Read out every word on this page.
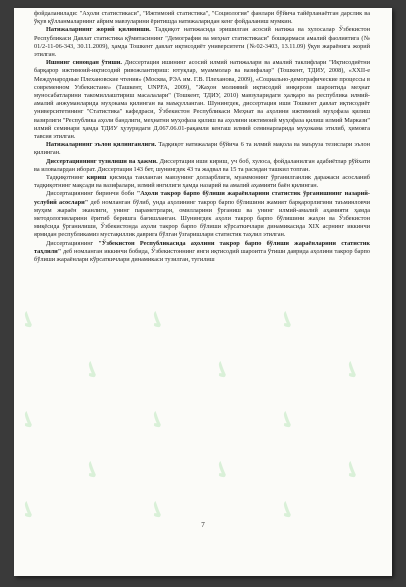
фойдаланилади: "Аҳоли статистикаси", "Ижтимоий статистика", "Социология" фанлари бўйича тайёрланаётган дарслик ва ўқув қўлланмаларнинг айрим мавзуларини ёритишда натижаларидан кенг фойдаланиш мумкин.

Натижаларнинг жорий қилиниши. Тадқиқот натижасида эришилган асосий натижа ва хулосалар Ўзбекистон Республикаси Давлат статистика қўмитасининг "Демография ва меҳнат статистикаси" бошқармаси амалий фаолиятига (№ 01/2-11-06-343, 30.11.2009), ҳамда Тошкент давлат иқтисодиёт университети (№02-3403, 13.11.09) ўқув жараёнига жорий этилган.

Ишнинг синовдан ўтиши. Диссертация ишининг асосий илмий натижалари ва амалий таклифлари "Иқтисодиётни барқарор ижтимоий-иқтисодий ривожлантириш: ютуқлар, муаммолар ва вазифалар" (Тошкент, ТДИУ, 2008), «XXII-е Международные Плехановские чтения» (Москва, РЭА им. Г.В. Плеханова, 2009), «Социально-демографические процессы в современном Узбекистане» (Ташкент, UNPFA, 2009), "Жаҳон молиявий иқтисодий инқирози шароитида меҳнат муносабатларини такомиллаштириш масалалари" (Тошкент, ТДИУ, 2010) мавзуларидаги ҳалқаро ва республика илмий-амалий анжуманларида муҳокама қилинган ва маъқулланган. Шунингдек, диссертация иши Тошкент давлат иқтисодиёт университетининг "Статистика" кафедраси, Ўзбекистон Республикаси Меҳнат ва аҳолини ижтимоий муҳофаза қилиш вазирлиги "Республика аҳоли бандлиги, меҳнатни муҳофаза қилиш ва аҳолини ижтимоий муҳофаза қилиш илмий Маркази" илмий семинари ҳамда ТДИУ ҳузуридаги Д.067.06.01-рақамли кенгаш илмий семинарларида муҳокама этилиб, ҳимояга тавсия этилган.

Натижаларнинг эълон қилинганлиги. Тадқиқот натижалари бўйича 6 та илмий мақола ва маъруза тезислари эълон қилинган.

Диссертациянинг тузилиши ва ҳажми. Диссертация иши кириш, уч боб, хулоса, фойдаланилган адабиётлар рўйхати ва иловалардан иборат. Диссертация 143 бет, шунингдек 43 та жадвал ва 15 та расмдан ташкил топган.

Тадқиқотнинг кириш қисмида танланган мавзунинг долзарблиги, муаммонинг ўрганилганлик даражаси асосланиб тадқиқотнинг мақсади ва вазифалари, илмий янгилиги ҳамда назарий ва амалий аҳамияти баён қилинган.

Диссертациянинг биринчи боби "Аҳоли такрор барпо бўлиши жараёнларини статистик ўрганишнинг назарий-услубий асослари" деб номланган бўлиб, унда аҳолининг такрор барпо бўлишини жамият барқарорлигини таъминловчи муҳим жараён эканлиги, унинг параметрлари, омилларини ўрганиш ва унинг илмий-амалий аҳамияти ҳамда методологияларини ёритиб беришга бағишланган. Шунингдек аҳоли такрор барпо бўлишини жаҳон ва Ўзбекистон миқёсида ўрганилиши, Ўзбекистонда аҳоли такрор барпо бўлиши кўрсаткичлари динамикасида XIX асрнинг иккинчи ярмидан республикамиз мустақиллик даврига бўлган ўзгаришлари статистик таҳлил этилган.

Диссертациянинг "Ўзбекистон Республикасида аҳолини такрор барпо бўлиши жараёнларини статистик таҳлили" деб номланган иккинчи бобида, Ўзбекистоннинг янги иқтисодий шароитга ўтиши даврида аҳолини такрор барпо бўлиши жараёнлари кўрсаткичлари динамикаси тузилган, тугилиш

7
✔
✔
✔
✔
✔
✔
✔
✔
✔
✔
✔
✔
✔
✔
✔
